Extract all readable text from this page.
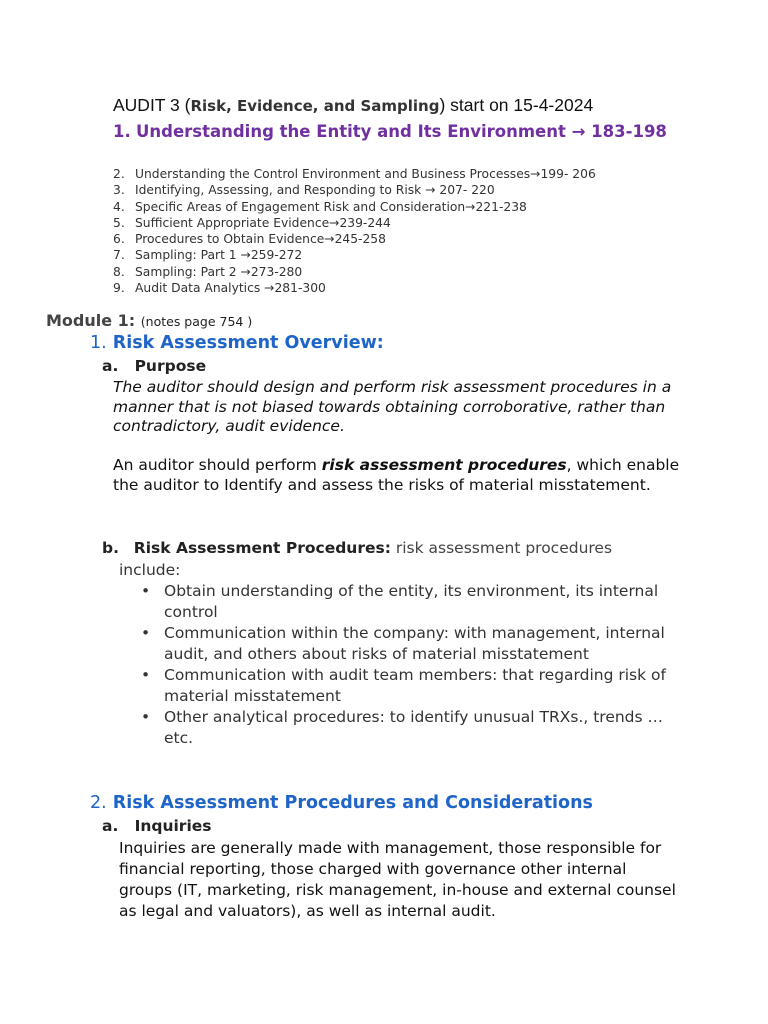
AUDIT 3 (Risk, Evidence, and Sampling) start on 15-4-2024
1. Understanding the Entity and Its Environment → 183-198
2. Understanding the Control Environment and Business Processes→199- 206
3. Identifying, Assessing, and Responding to Risk → 207- 220
4. Specific Areas of Engagement Risk and Consideration→221-238
5. Sufficient Appropriate Evidence→239-244
6. Procedures to Obtain Evidence→245-258
7. Sampling: Part 1 →259-272
8. Sampling: Part 2 →273-280
9. Audit Data Analytics →281-300
Module 1: (notes page 754 )
1. Risk Assessment Overview:
a. Purpose
The auditor should design and perform risk assessment procedures in a manner that is not biased towards obtaining corroborative, rather than contradictory, audit evidence.
An auditor should perform risk assessment procedures, which enable the auditor to Identify and assess the risks of material misstatement.
b. Risk Assessment Procedures: risk assessment procedures
include:
• Obtain understanding of the entity, its environment, its internal control
• Communication within the company: with management, internal audit, and others about risks of material misstatement
• Communication with audit team members: that regarding risk of material misstatement
• Other analytical procedures: to identify unusual TRXs., trends …etc.
2. Risk Assessment Procedures and Considerations
a. Inquiries
Inquiries are generally made with management, those responsible for financial reporting, those charged with governance other internal groups (IT, marketing, risk management, in-house and external counsel as legal and valuators), as well as internal audit.
